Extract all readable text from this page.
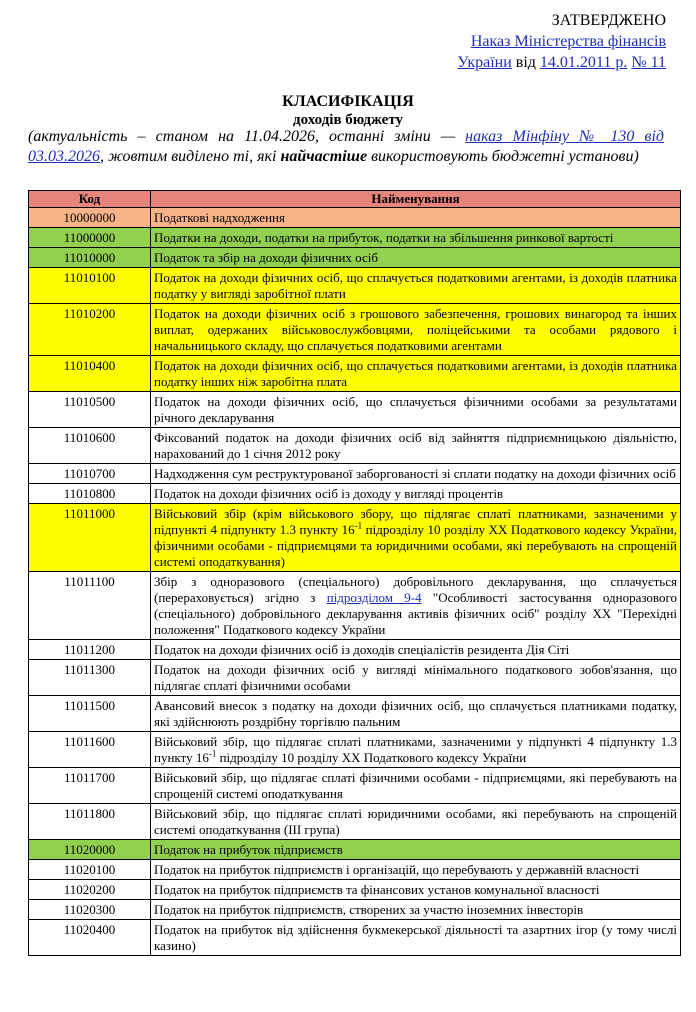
ЗАТВЕРДЖЕНО
Наказ Міністерства фінансів
України від 14.01.2011 р. № 11
КЛАСИФІКАЦІЯ
доходів бюджету
(актуальність – станом на 11.04.2026, останні зміни — наказ Мінфіну № 130 від 03.03.2026, жовтим виділено ті, які найчастіше використовують бюджетні установи)
Код	Найменування
10000000	Податкові надходження
11000000	Податки на доходи, податки на прибуток, податки на збільшення ринкової вартості
11010000	Податок та збір на доходи фізичних осіб
11010100	Податок на доходи фізичних осіб, що сплачується податковими агентами, із доходів платника податку у вигляді заробітної плати
11010200	Податок на доходи фізичних осіб з грошового забезпечення, грошових винагород та інших виплат, одержаних військовослужбовцями, поліцейськими та особами рядового і начальницького складу, що сплачується податковими агентами
11010400	Податок на доходи фізичних осіб, що сплачується податковими агентами, із доходів платника податку інших ніж заробітна плата
11010500	Податок на доходи фізичних осіб, що сплачується фізичними особами за результатами річного декларування
11010600	Фіксований податок на доходи фізичних осіб від зайняття підприємницькою діяльністю, нарахований до 1 січня 2012 року
11010700	Надходження сум реструктурованої заборгованості зі сплати податку на доходи фізичних осіб
11010800	Податок на доходи фізичних осіб із доходу у вигляді процентів
11011000	Військовий збір (крім військового збору, що підлягає сплаті платниками, зазначеними у підпункті 4 підпункту 1.3 пункту $16^{-1}$ підрозділу 10 розділу XX Податкового кодексу України, фізичними особами - підприємцями та юридичними особами, які перебувають на спрощеній системі оподаткування)
11011100	Збір з одноразового (спеціального) добровільного декларування, що сплачується (перераховується) згідно з підрозділом 9-4 "Особливості застосування одноразового (спеціального) добровільного декларування активів фізичних осіб" розділу XX "Перехідні положення" Податкового кодексу України
11011200	Податок на доходи фізичних осіб із доходів спеціалістів резидента Дія Сіті
11011300	Податок на доходи фізичних осіб у вигляді мінімального податкового зобов'язання, що підлягає сплаті фізичними особами
11011500	Авансовий внесок з податку на доходи фізичних осіб, що сплачується платниками податку, які здійснюють роздрібну торгівлю пальним
11011600	Військовий збір, що підлягає сплаті платниками, зазначеними у підпункті 4 підпункту 1.3 пункту $16^{-1}$ підрозділу 10 розділу XX Податкового кодексу України
11011700	Військовий збір, що підлягає сплаті фізичними особами - підприємцями, які перебувають на спрощеній системі оподаткування
11011800	Військовий збір, що підлягає сплаті юридичними особами, які перебувають на спрощеній системі оподаткування (III група)
11020000	Податок на прибуток підприємств
11020100	Податок на прибуток підприємств і організацій, що перебувають у державній власності
11020200	Податок на прибуток підприємств та фінансових установ комунальної власності
11020300	Податок на прибуток підприємств, створених за участю іноземних інвесторів
11020400	Податок на прибуток від здійснення букмекерської діяльності та азартних ігор (у тому числі казино)
